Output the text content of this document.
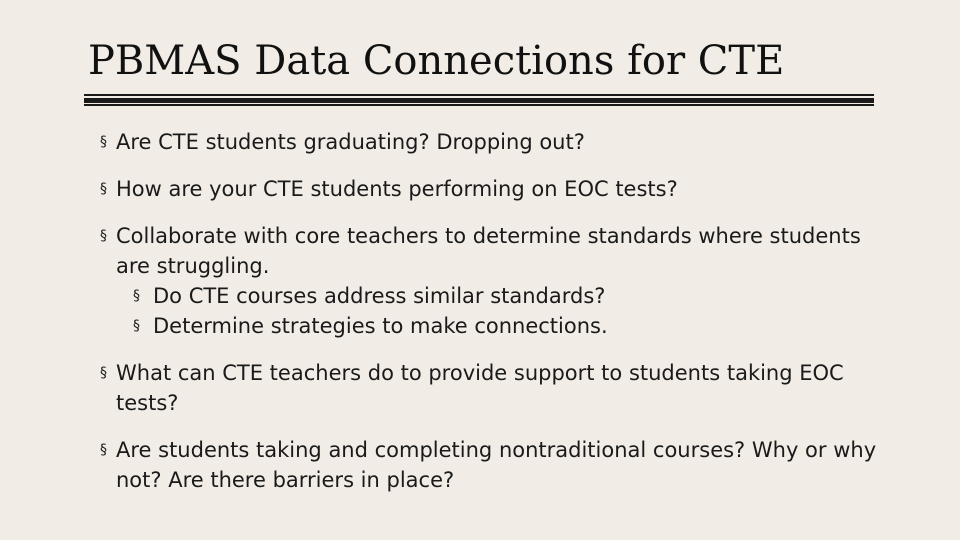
PBMAS Data Connections for CTE
§ Are CTE students graduating? Dropping out?
§ How are your CTE students performing on EOC tests?
§ Collaborate with core teachers to determine standards where students are struggling.
§ Do CTE courses address similar standards?
§ Determine strategies to make connections.
§ What can CTE teachers do to provide support to students taking EOC tests?
§ Are students taking and completing nontraditional courses? Why or why not? Are there barriers in place?
